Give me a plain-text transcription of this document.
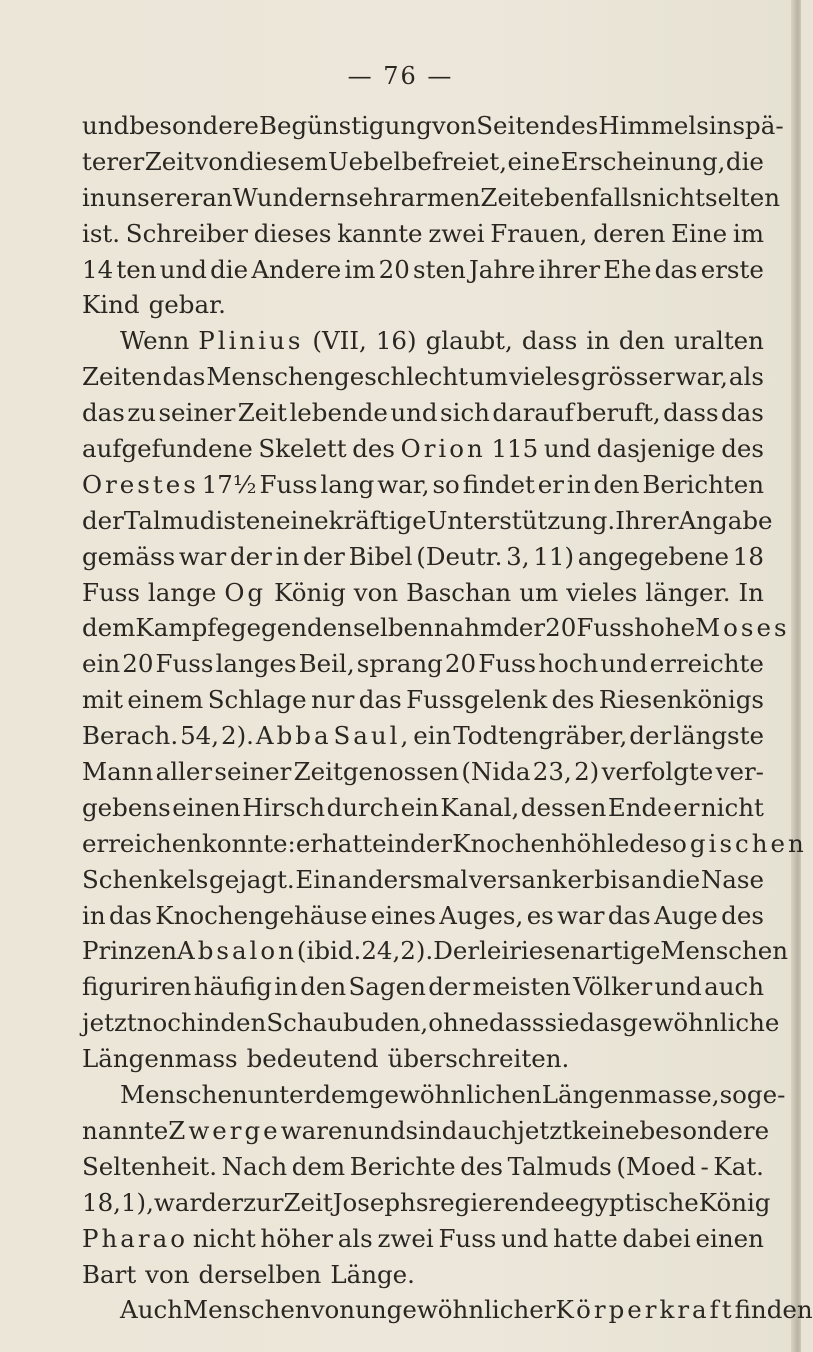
— 76 —
und besondere Begünstigung von Seiten des Himmels in spä-
terer Zeit von diesem Uebel befreiet, eine Erscheinung, die
in unserer an Wundern sehr armen Zeit ebenfalls nicht selten
ist. Schreiber dieses kannte zwei Frauen, deren Eine im
14 ten und die Andere im 20 sten Jahre ihrer Ehe das erste
Kind gebar.
Wenn Plinius (VII, 16) glaubt, dass in den uralten
Zeiten das Menschengeschlecht um vieles grösser war, als
das zu seiner Zeit lebende und sich darauf beruft, dass das
aufgefundene Skelett des Orion 115 und dasjenige des
Orestes 17½ Fuss lang war, so findet er in den Berichten
der Talmudisten eine kräftige Unterstützung. Ihrer Angabe
gemäss war der in der Bibel (Deutr. 3, 11) angegebene 18
Fuss lange Og König von Baschan um vieles länger. In
dem Kampfe gegen denselben nahm der 20 Fuss hohe Moses
ein 20 Fuss langes Beil, sprang 20 Fuss hoch und erreichte
mit einem Schlage nur das Fussgelenk des Riesenkönigs
Berach. 54, 2). Abba Saul, ein Todtengräber, der längste
Mann aller seiner Zeitgenossen (Nida 23, 2) verfolgte ver-
gebens einen Hirsch durch ein Kanal, dessen Ende er nicht
erreichen konnte: er hatte in der Knochenhöhle des ogischen
Schenkels gejagt. Ein andersmal versank er bis an die Nase
in das Knochengehäuse eines Auges, es war das Auge des
Prinzen Absalon (ibid. 24, 2). Derlei riesenartige Menschen
figuriren häufig in den Sagen der meisten Völker und auch
jetzt noch in den Schaubuden, ohne dass sie das gewöhnliche
Längenmass bedeutend überschreiten.
Menschen unter dem gewöhnlichen Längenmasse, soge-
nannte Zwerge waren und sind auch jetzt keine besondere
Seltenheit. Nach dem Berichte des Talmuds (Moed - Kat.
18, 1), war der zur Zeit Josephs regierende egyptische König
Pharao nicht höher als zwei Fuss und hatte dabei einen
Bart von derselben Länge.
Auch Menschen von ungewöhnlicher Körperkraft finden
